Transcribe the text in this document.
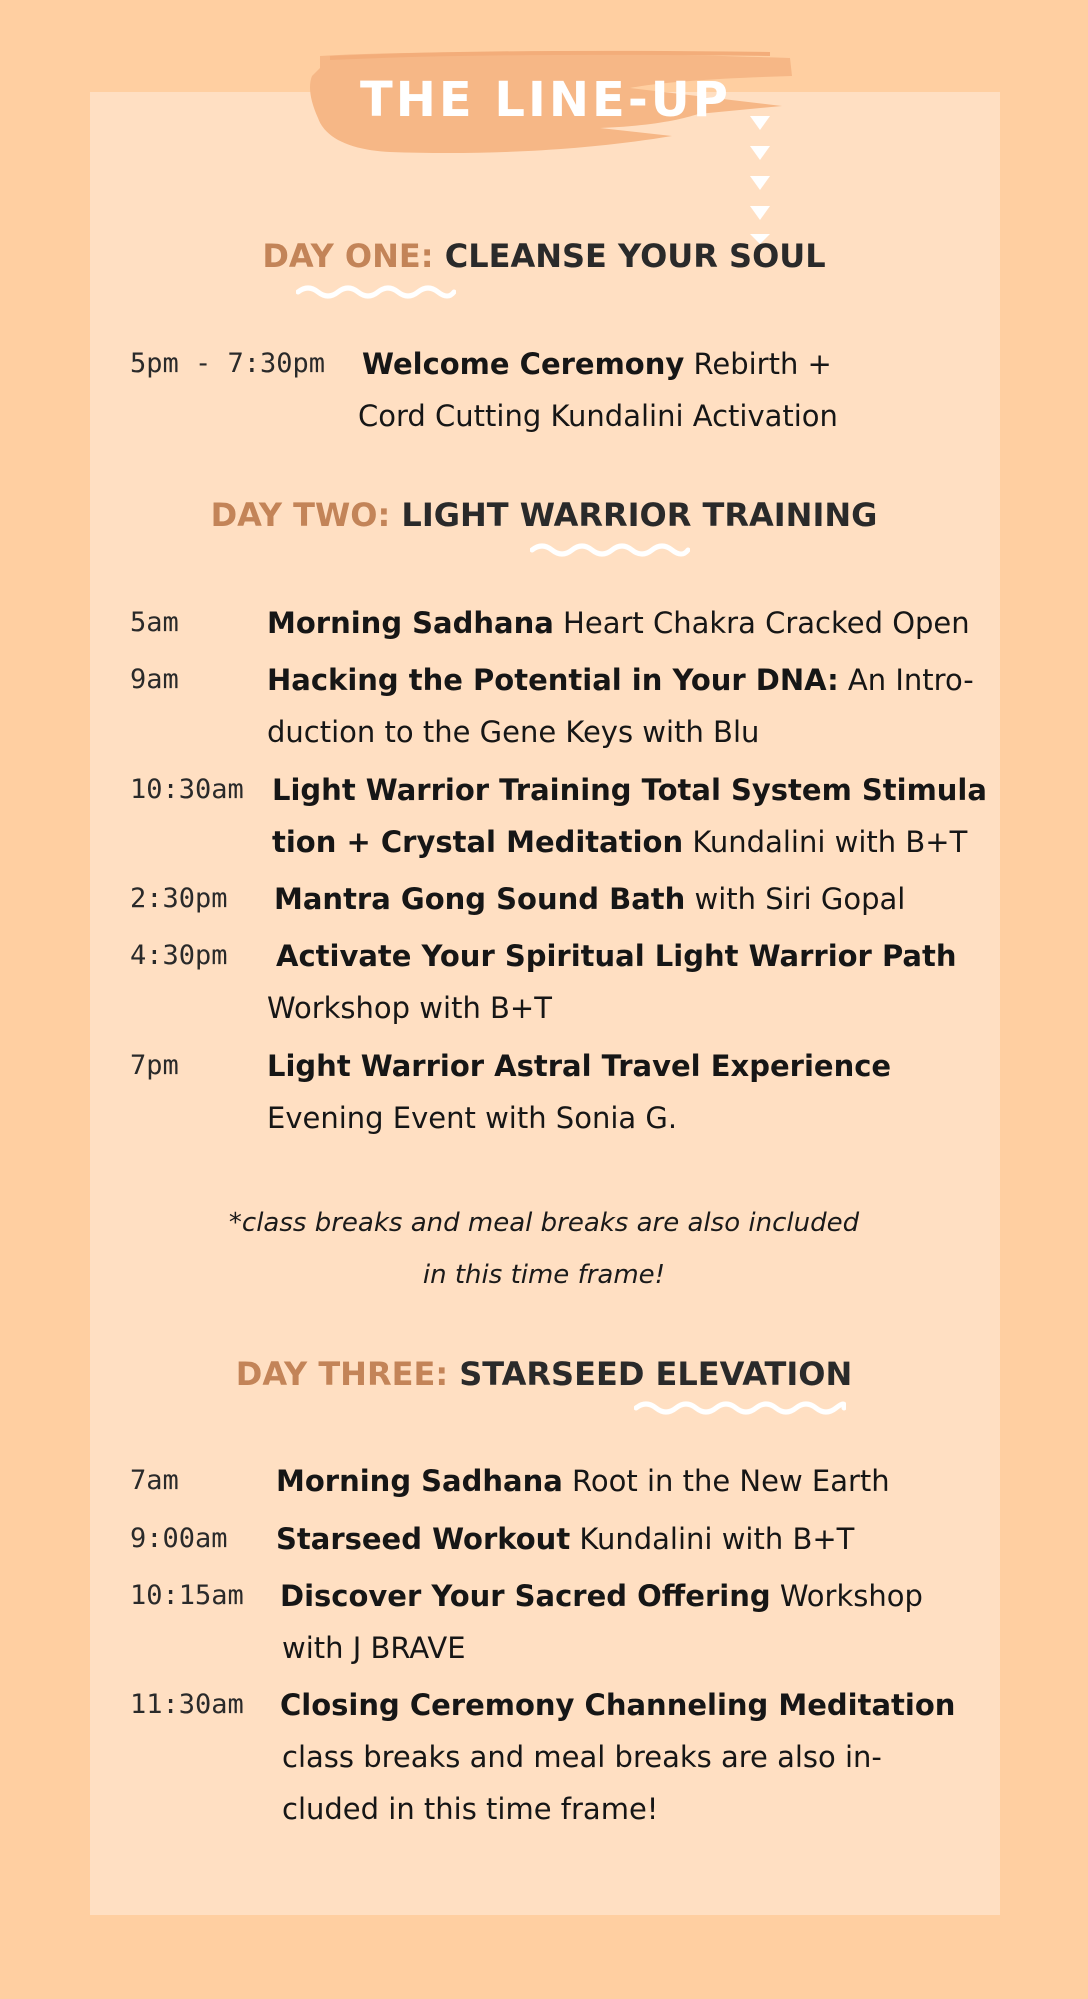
THE LINE-UP
DAY ONE: CLEANSE YOUR SOUL
5pm - 7:30pm Welcome Ceremony Rebirth +
Cord Cutting Kundalini Activation
DAY TWO: LIGHT WARRIOR TRAINING
5am	Morning Sadhana Heart Chakra Cracked Open
9am	Hacking the Potential in Your DNA: An Intro-
duction to the Gene Keys with Blu
10:30am Light Warrior Training Total System Stimula
tion + Crystal Meditation Kundalini with B+T
2:30pm Mantra Gong Sound Bath with Siri Gopal
4:30pm Activate Your Spiritual Light Warrior Path
Workshop with B+T
7pm	Light Warrior Astral Travel Experience
Evening Event with Sonia G.
*class breaks and meal breaks are also included
in this time frame!
DAY THREE: STARSEED ELEVATION
7am	Morning Sadhana Root in the New Earth
9:00am Starseed Workout Kundalini with B+T
10:15am Discover Your Sacred Offering Workshop
with J BRAVE
11:30am Closing Ceremony Channeling Meditation
class breaks and meal breaks are also in-
cluded in this time frame!
